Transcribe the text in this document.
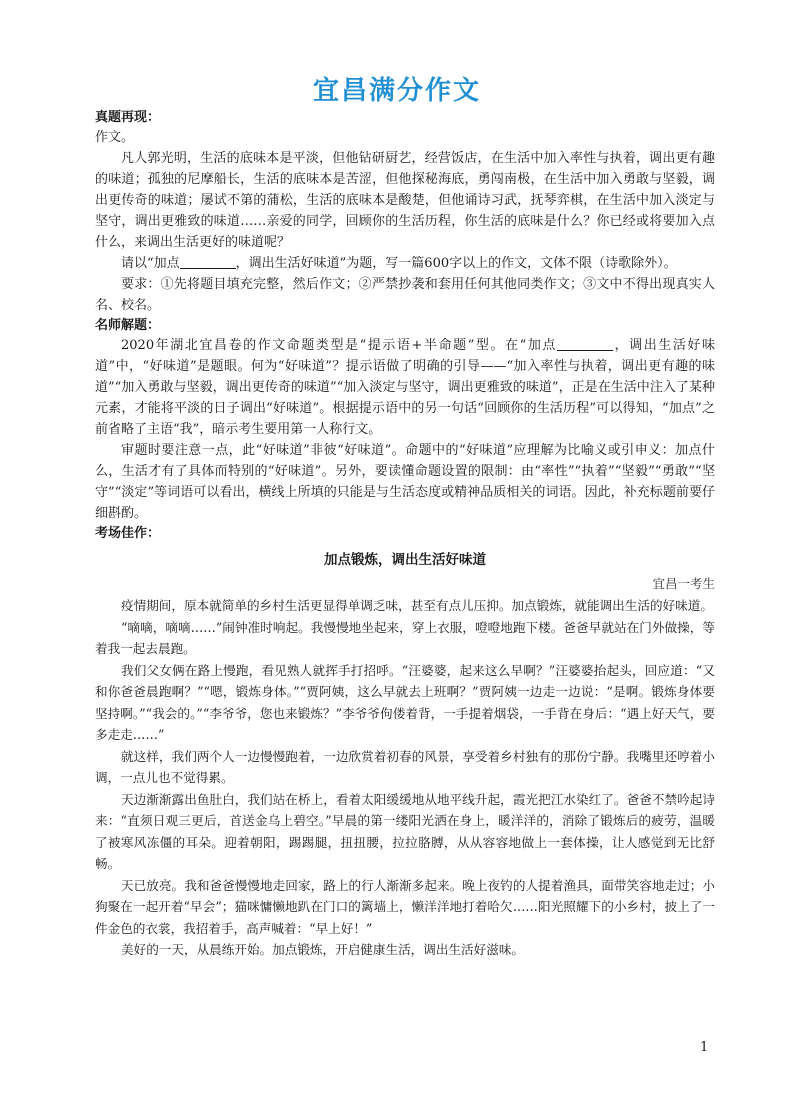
宜昌满分作文
真题再现：

作文。

凡人郭光明，生活的底味本是平淡，但他钻研厨艺，经营饭店，在生活中加入率性与执着，调出更有趣的味道；孤独的尼摩船长，生活的底味本是苦涩，但他探秘海底，勇闯南极，在生活中加入勇敢与坚毅，调出更传奇的味道；屡试不第的蒲松，生活的底味本是酸楚，但他诵诗习武，抚琴弈棋，在生活中加入淡定与坚守，调出更雅致的味道……亲爱的同学，回顾你的生活历程，你生活的底味是什么？你已经或将要加入点什么，来调出生活更好的味道呢？

请以“加点	，调出生活好味道”为题，写一篇600字以上的作文，文体不限（诗歌除外）。

要求：①先将题目填充完整，然后作文；②严禁抄袭和套用任何其他同类作文；③文中不得出现真实人名、校名。

名师解题：

2020年湖北宜昌卷的作文命题类型是“提示语+半命题”型。在“加点	，调出生活好味道”中，“好味道”是题眼。何为“好味道”？提示语做了明确的引导——“加入率性与执着，调出更有趣的味道”“加入勇敢与坚毅，调出更传奇的味道”“加入淡定与坚守，调出更雅致的味道”，正是在生活中注入了某种元素，才能将平淡的日子调出“好味道”。根据提示语中的另一句话“回顾你的生活历程”可以得知，“加点”之前省略了主语“我”，暗示考生要用第一人称行文。

审题时要注意一点，此“好味道”非彼“好味道”。命题中的“好味道”应理解为比喻义或引申义：加点什么，生活才有了具体而特别的“好味道”。另外，要读懂命题设置的限制：由“率性”“执着”“坚毅”“勇敢”“坚守”“淡定”等词语可以看出，横线上所填的只能是与生活态度或精神品质相关的词语。因此，补充标题前要仔细斟酌。

考场佳作：
加点锻炼，调出生活好味道
宜昌一考生

疫情期间，原本就简单的乡村生活更显得单调乏味，甚至有点儿压抑。加点锻炼，就能调出生活的好味道。

“嘀嘀，嘀嘀……”闹钟准时响起。我慢慢地坐起来，穿上衣服，噔噔地跑下楼。爸爸早就站在门外做操，等着我一起去晨跑。

我们父女俩在路上慢跑，看见熟人就挥手打招呼。“汪婆婆，起来这么早啊？”汪婆婆抬起头，回应道：“又和你爸爸晨跑啊？”“嗯，锻炼身体。”“贾阿姨，这么早就去上班啊？”贾阿姨一边走一边说：“是啊。锻炼身体要坚持啊。”“我会的。”“李爷爷，您也来锻炼？”李爷爷佝偻着背，一手提着烟袋，一手背在身后：“遇上好天气，要多走走……”

就这样，我们两个人一边慢慢跑着，一边欣赏着初春的风景，享受着乡村独有的那份宁静。我嘴里还哼着小调，一点儿也不觉得累。

天边渐渐露出鱼肚白，我们站在桥上，看着太阳缓缓地从地平线升起，霞光把江水染红了。爸爸不禁吟起诗来：“直须日观三更后，首送金乌上碧空。”早晨的第一缕阳光洒在身上，暖洋洋的，消除了锻炼后的疲劳，温暖了被寒风冻僵的耳朵。迎着朝阳，踢踢腿，扭扭腰，拉拉胳膊，从从容容地做上一套体操，让人感觉到无比舒畅。

天已放亮。我和爸爸慢慢地走回家，路上的行人渐渐多起来。晚上夜钓的人提着渔具，面带笑容地走过；小狗聚在一起开着“早会”；猫咪慵懒地趴在门口的篱墙上，懒洋洋地打着哈欠……阳光照耀下的小乡村，披上了一件金色的衣裳，我招着手，高声喊着：“早上好！”

美好的一天，从晨练开始。加点锻炼，开启健康生活，调出生活好滋味。

1
